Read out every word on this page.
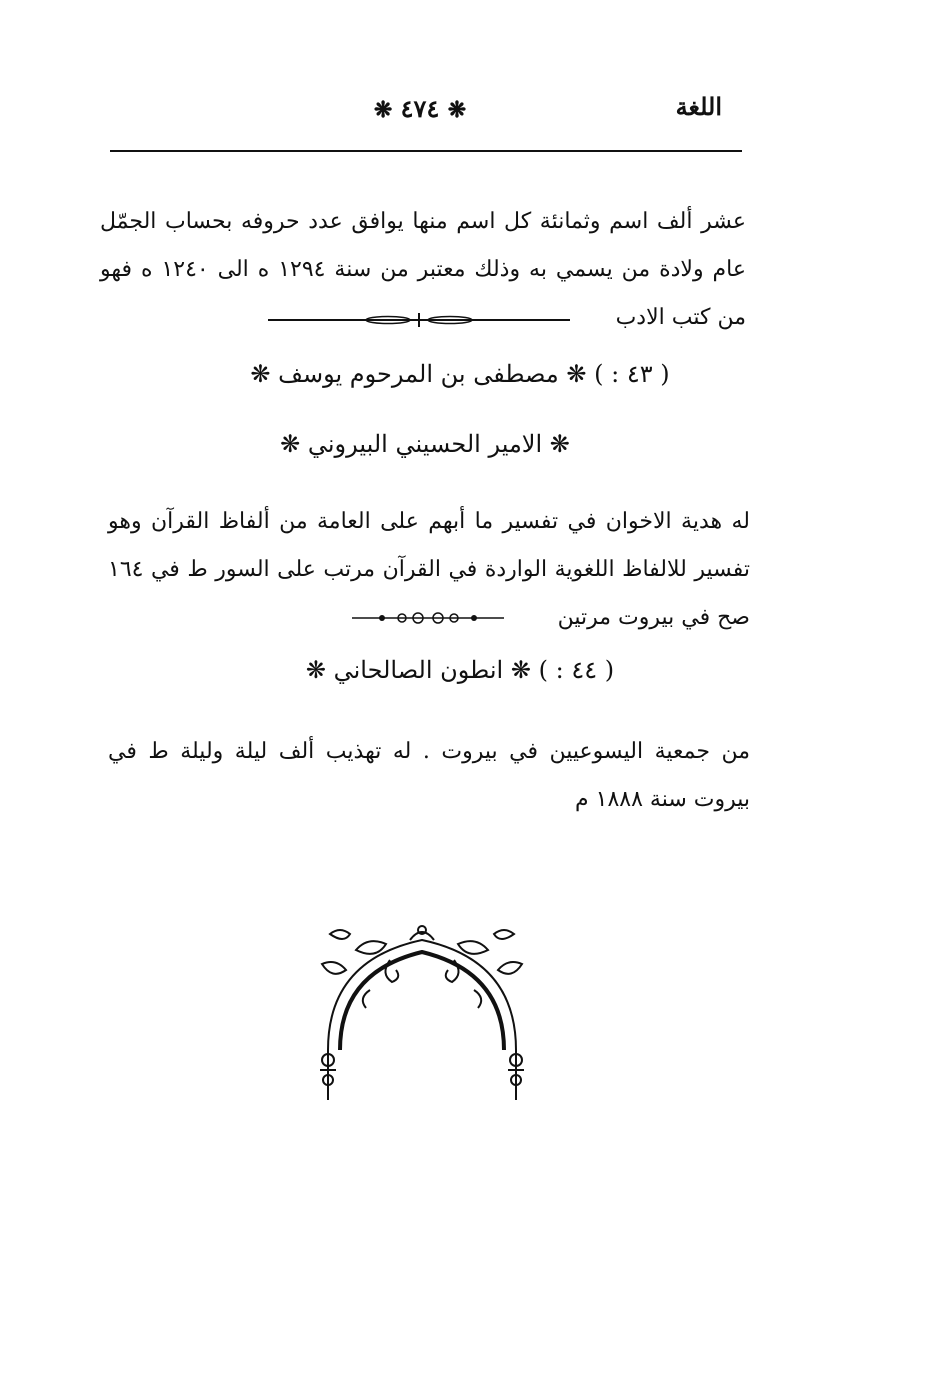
اللغة
❋ ٤٧٤ ❋

عشر ألف اسم وثمانئة كل اسم منها يوافق عدد حروفه بحساب الجمّل عام ولادة من يسمي به وذلك معتبر من سنة ١٢٩٤ ه الى ١٢٤٠ ه فهو من كتب الادب

( ٤٣ : ) ❋ مصطفى بن المرحوم يوسف ❋
❋ الامير الحسيني البيروني ❋

له هدية الاخوان في تفسير ما أبهم على العامة من ألفاظ القرآن وهو تفسير للالفاظ اللغوية الواردة في القرآن مرتب على السور ط في ١٦٤ صح في بيروت مرتين

( ٤٤ : ) ❋ انطون الصالحاني ❋

من جمعية اليسوعيين في بيروت . له تهذيب ألف ليلة وليلة ط في بيروت سنة ١٨٨٨ م
